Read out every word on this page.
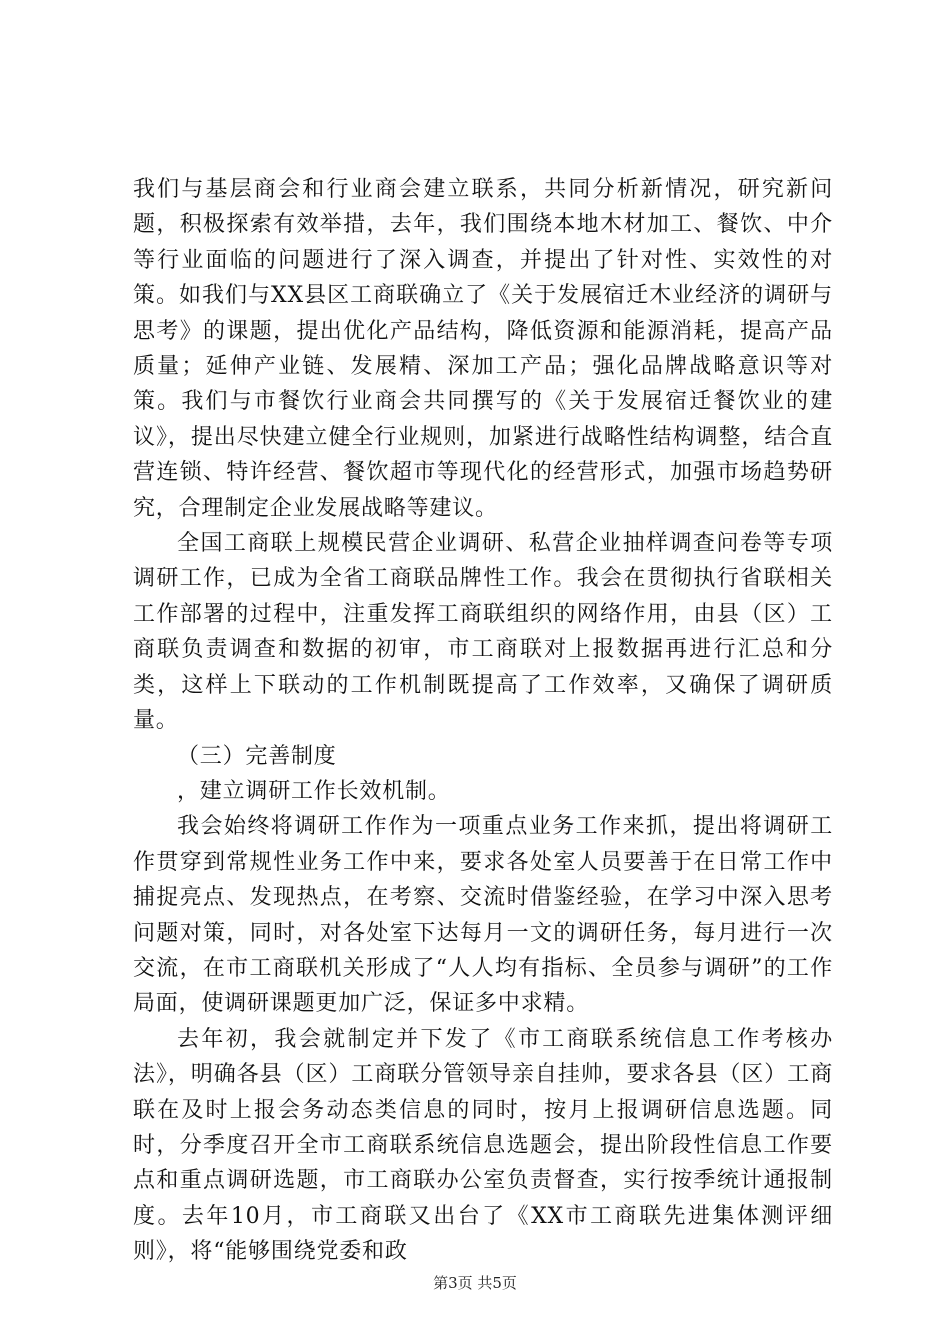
我们与基层商会和行业商会建立联系，共同分析新情况，研究新问题，积极探索有效举措，去年，我们围绕本地木材加工、餐饮、中介等行业面临的问题进行了深入调查，并提出了针对性、实效性的对策。如我们与XX县区工商联确立了《关于发展宿迁木业经济的调研与思考》的课题，提出优化产品结构，降低资源和能源消耗，提高产品质量；延伸产业链、发展精、深加工产品；强化品牌战略意识等对策。我们与市餐饮行业商会共同撰写的《关于发展宿迁餐饮业的建议》，提出尽快建立健全行业规则，加紧进行战略性结构调整，结合直营连锁、特许经营、餐饮超市等现代化的经营形式，加强市场趋势研究，合理制定企业发展战略等建议。

全国工商联上规模民营企业调研、私营企业抽样调查问卷等专项调研工作，已成为全省工商联品牌性工作。我会在贯彻执行省联相关工作部署的过程中，注重发挥工商联组织的网络作用，由县（区）工商联负责调查和数据的初审，市工商联对上报数据再进行汇总和分类，这样上下联动的工作机制既提高了工作效率，又确保了调研质量。

（三）完善制度

，建立调研工作长效机制。

我会始终将调研工作作为一项重点业务工作来抓，提出将调研工作贯穿到常规性业务工作中来，要求各处室人员要善于在日常工作中捕捉亮点、发现热点，在考察、交流时借鉴经验，在学习中深入思考问题对策，同时，对各处室下达每月一文的调研任务，每月进行一次交流，在市工商联机关形成了“人人均有指标、全员参与调研”的工作局面，使调研课题更加广泛，保证多中求精。

去年初，我会就制定并下发了《市工商联系统信息工作考核办法》，明确各县（区）工商联分管领导亲自挂帅，要求各县（区）工商联在及时上报会务动态类信息的同时，按月上报调研信息选题。同时，分季度召开全市工商联系统信息选题会，提出阶段性信息工作要点和重点调研选题，市工商联办公室负责督查，实行按季统计通报制度。去年10月，市工商联又出台了《XX市工商联先进集体测评细则》，将“能够围绕党委和政

第3页 共5页
